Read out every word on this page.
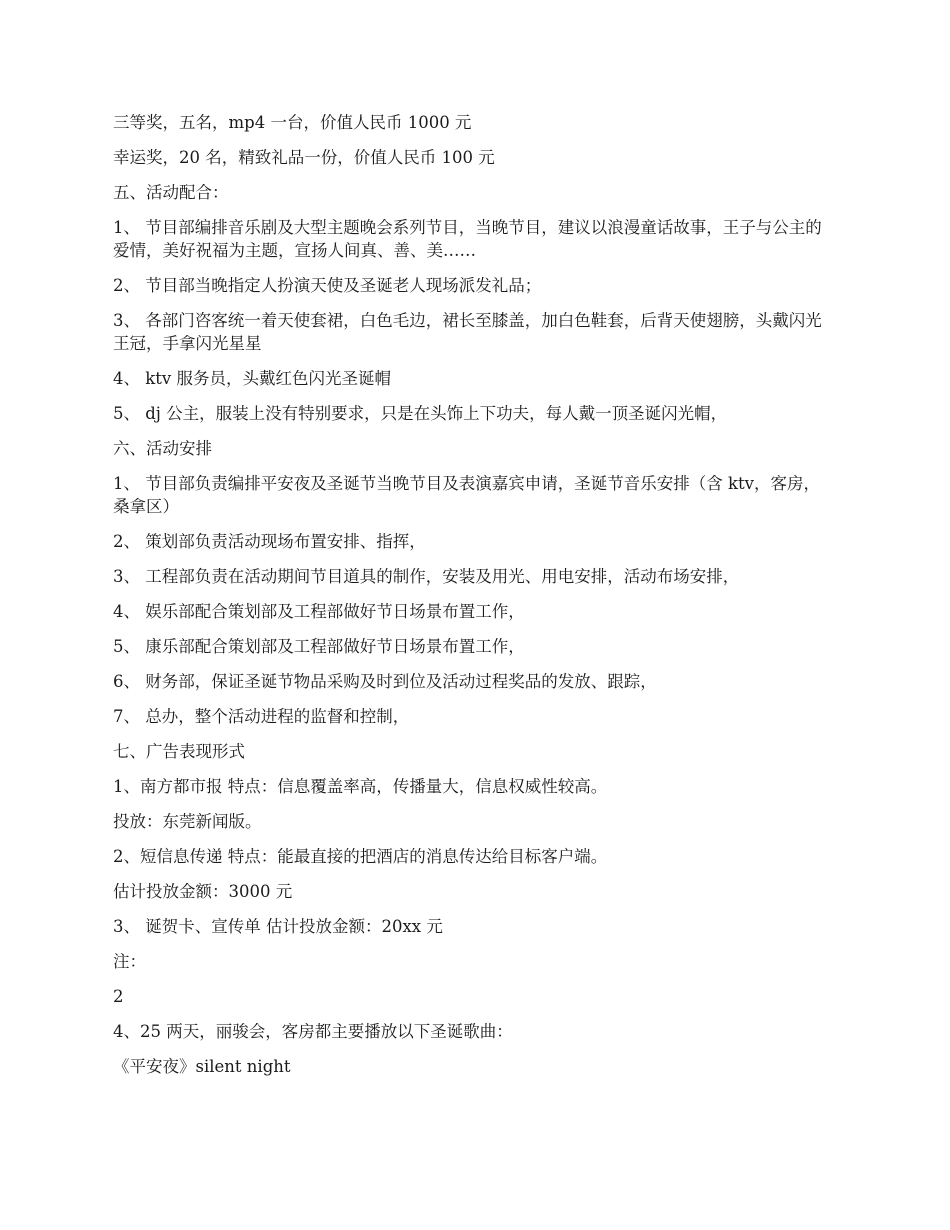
三等奖，五名，mp4 一台，价值人民币 1000 元

幸运奖，20 名，精致礼品一份，价值人民币 100 元

五、活动配合：

1、 节目部编排音乐剧及大型主题晚会系列节目，当晚节目，建议以浪漫童话故事，王子与公主的爱情，美好祝福为主题，宣扬人间真、善、美……

2、 节目部当晚指定人扮演天使及圣诞老人现场派发礼品；

3、 各部门咨客统一着天使套裙，白色毛边，裙长至膝盖，加白色鞋套，后背天使翅膀，头戴闪光王冠，手拿闪光星星

4、 ktv 服务员，头戴红色闪光圣诞帽

5、 dj 公主，服装上没有特别要求，只是在头饰上下功夫，每人戴一顶圣诞闪光帽，

六、活动安排

1、 节目部负责编排平安夜及圣诞节当晚节目及表演嘉宾申请，圣诞节音乐安排（含 ktv，客房，桑拿区）

2、 策划部负责活动现场布置安排、指挥，

3、 工程部负责在活动期间节目道具的制作，安装及用光、用电安排，活动布场安排，

4、 娱乐部配合策划部及工程部做好节日场景布置工作，

5、 康乐部配合策划部及工程部做好节日场景布置工作，

6、 财务部，保证圣诞节物品采购及时到位及活动过程奖品的发放、跟踪，

7、 总办，整个活动进程的监督和控制，

七、广告表现形式

1、南方都市报 特点：信息覆盖率高，传播量大，信息权威性较高。

投放：东莞新闻版。

2、短信息传递 特点：能最直接的把酒店的消息传达给目标客户端。

估计投放金额：3000 元

3、 诞贺卡、宣传单 估计投放金额：20xx 元

注：

2

4、25 两天，丽骏会，客房都主要播放以下圣诞歌曲：

《平安夜》silent night
